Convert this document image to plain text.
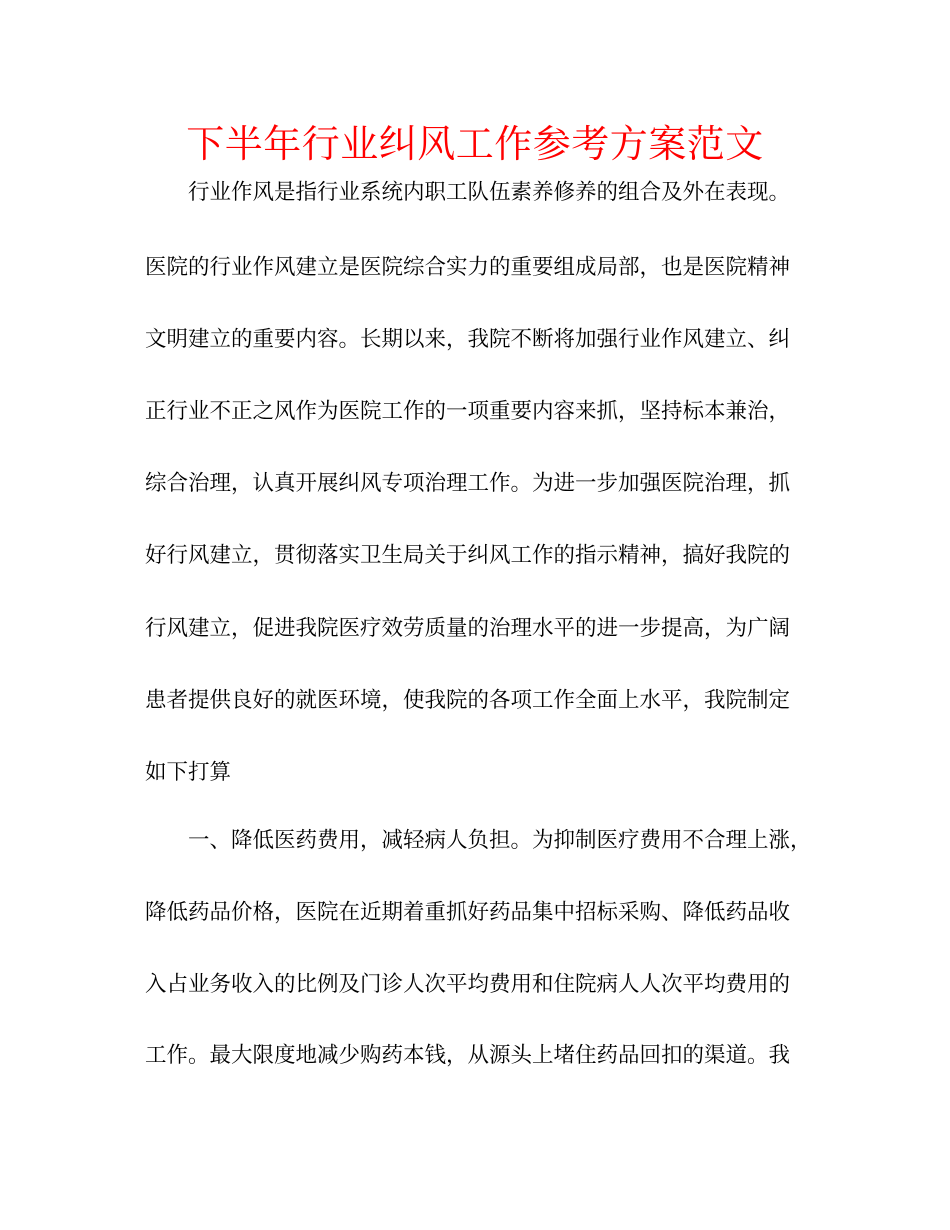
下半年行业纠风工作参考方案范文
行业作风是指行业系统内职工队伍素养修养的组合及外在表现。
医院的行业作风建立是医院综合实力的重要组成局部，也是医院精神
文明建立的重要内容。长期以来，我院不断将加强行业作风建立、纠
正行业不正之风作为医院工作的一项重要内容来抓，坚持标本兼治，
综合治理，认真开展纠风专项治理工作。为进一步加强医院治理，抓
好行风建立，贯彻落实卫生局关于纠风工作的指示精神，搞好我院的
行风建立，促进我院医疗效劳质量的治理水平的进一步提高，为广阔
患者提供良好的就医环境，使我院的各项工作全面上水平，我院制定
如下打算
一、降低医药费用，减轻病人负担。为抑制医疗费用不合理上涨，
降低药品价格，医院在近期着重抓好药品集中招标采购、降低药品收
入占业务收入的比例及门诊人次平均费用和住院病人人次平均费用的
工作。最大限度地减少购药本钱，从源头上堵住药品回扣的渠道。我
